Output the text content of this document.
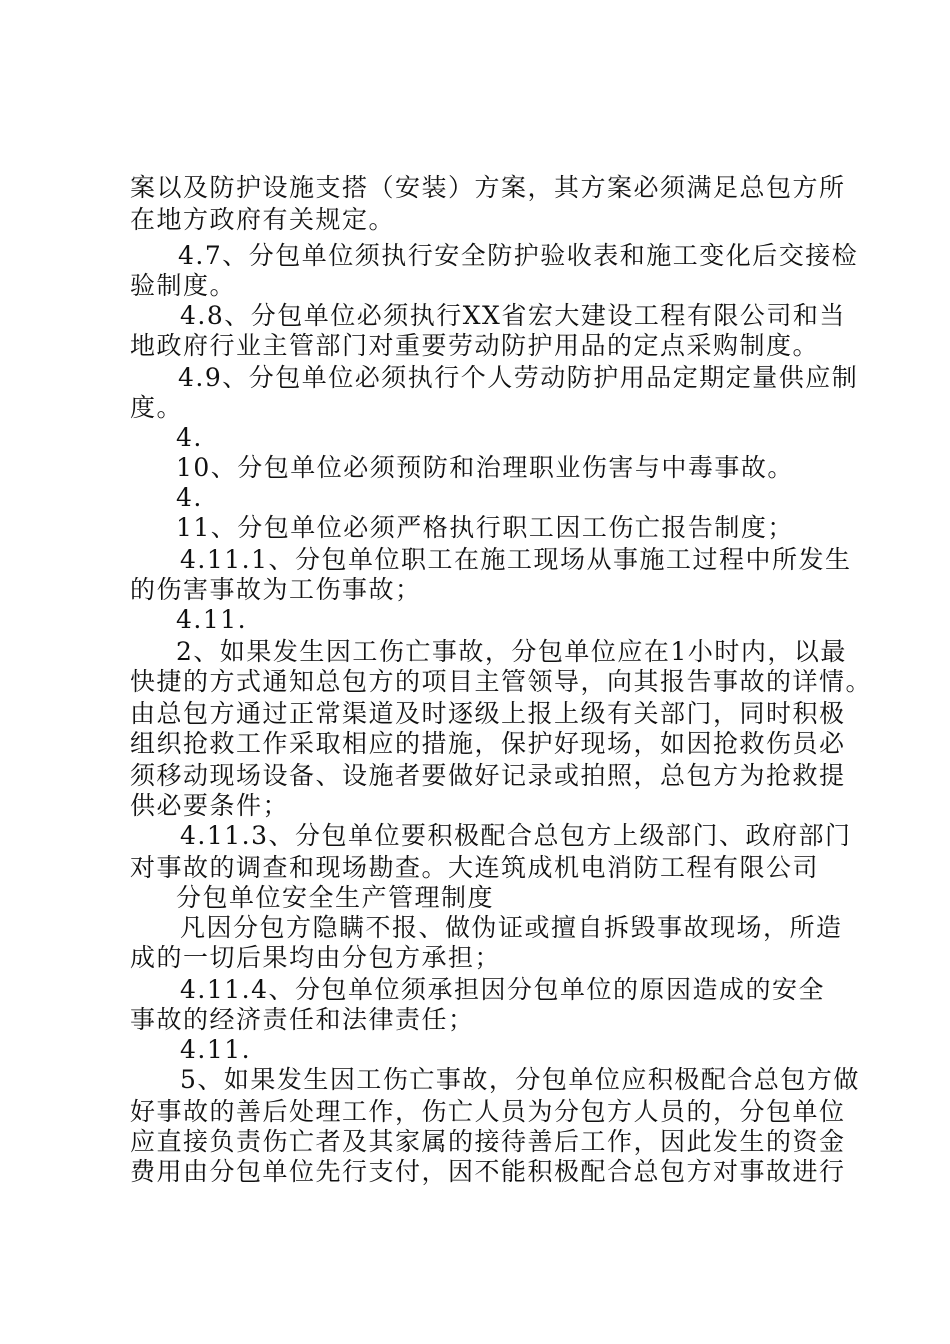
案以及防护设施支搭（安装）方案，其方案必须满足总包方所
在地方政府有关规定。
4.7、分包单位须执行安全防护验收表和施工变化后交接检
验制度。
4.8、分包单位必须执行XX省宏大建设工程有限公司和当
地政府行业主管部门对重要劳动防护用品的定点采购制度。
4.9、分包单位必须执行个人劳动防护用品定期定量供应制
度。
4.
10、分包单位必须预防和治理职业伤害与中毒事故。
4.
11、分包单位必须严格执行职工因工伤亡报告制度；
4.11.1、分包单位职工在施工现场从事施工过程中所发生
的伤害事故为工伤事故；
4.11.
2、如果发生因工伤亡事故，分包单位应在1小时内，以最
快捷的方式通知总包方的项目主管领导，向其报告事故的详情。
由总包方通过正常渠道及时逐级上报上级有关部门，同时积极
组织抢救工作采取相应的措施，保护好现场，如因抢救伤员必
须移动现场设备、设施者要做好记录或拍照，总包方为抢救提
供必要条件；
4.11.3、分包单位要积极配合总包方上级部门、政府部门
对事故的调查和现场勘查。大连筑成机电消防工程有限公司
分包单位安全生产管理制度
凡因分包方隐瞒不报、做伪证或擅自拆毁事故现场，所造
成的一切后果均由分包方承担；
4.11.4、分包单位须承担因分包单位的原因造成的安全
事故的经济责任和法律责任；
4.11.
5、如果发生因工伤亡事故，分包单位应积极配合总包方做
好事故的善后处理工作，伤亡人员为分包方人员的，分包单位
应直接负责伤亡者及其家属的接待善后工作，因此发生的资金
费用由分包单位先行支付，因不能积极配合总包方对事故进行
